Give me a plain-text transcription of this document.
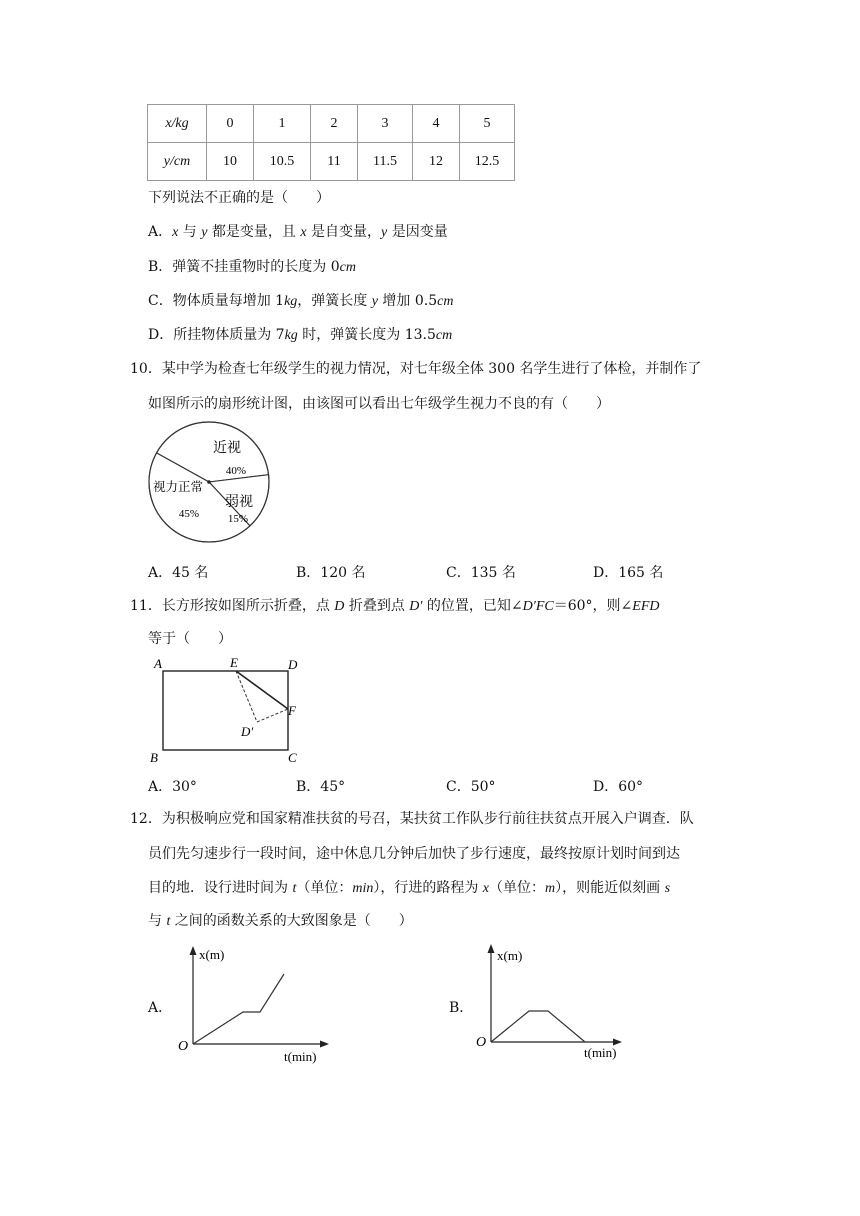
x/kg	0	1	2	3	4	5
y/cm	10	10.5	11	11.5	12	12.5
下列说法不正确的是（　　）
A．x 与 y 都是变量，且 x 是自变量，y 是因变量
B．弹簧不挂重物时的长度为 0cm
C．物体质量每增加 1kg，弹簧长度 y 增加 0.5cm
D．所挂物体质量为 7kg 时，弹簧长度为 13.5cm
10．某中学为检查七年级学生的视力情况，对七年级全体 300 名学生进行了体检，并制作了
如图所示的扇形统计图，由该图可以看出七年级学生视力不良的有（　　）
近视
40%
视力正常
45%
弱视
15%
A．45 名	B．120 名	C．135 名	D．165 名
11．长方形按如图所示折叠，点 D 折叠到点 D′ 的位置，已知∠D′FC＝60°，则∠EFD
等于（　　）
A	E	D
F
D′
B	C
A．30°	B．45°	C．50°	D．60°
12．为积极响应党和国家精准扶贫的号召，某扶贫工作队步行前往扶贫点开展入户调查．队
员们先匀速步行一段时间，途中休息几分钟后加快了步行速度，最终按原计划时间到达
目的地．设行进时间为 t（单位：min），行进的路程为 x（单位：m），则能近似刻画 s
与 t 之间的函数关系的大致图象是（　　）
A．
x(m)
t(min)
O
B．
x(m)
t(min)
O
